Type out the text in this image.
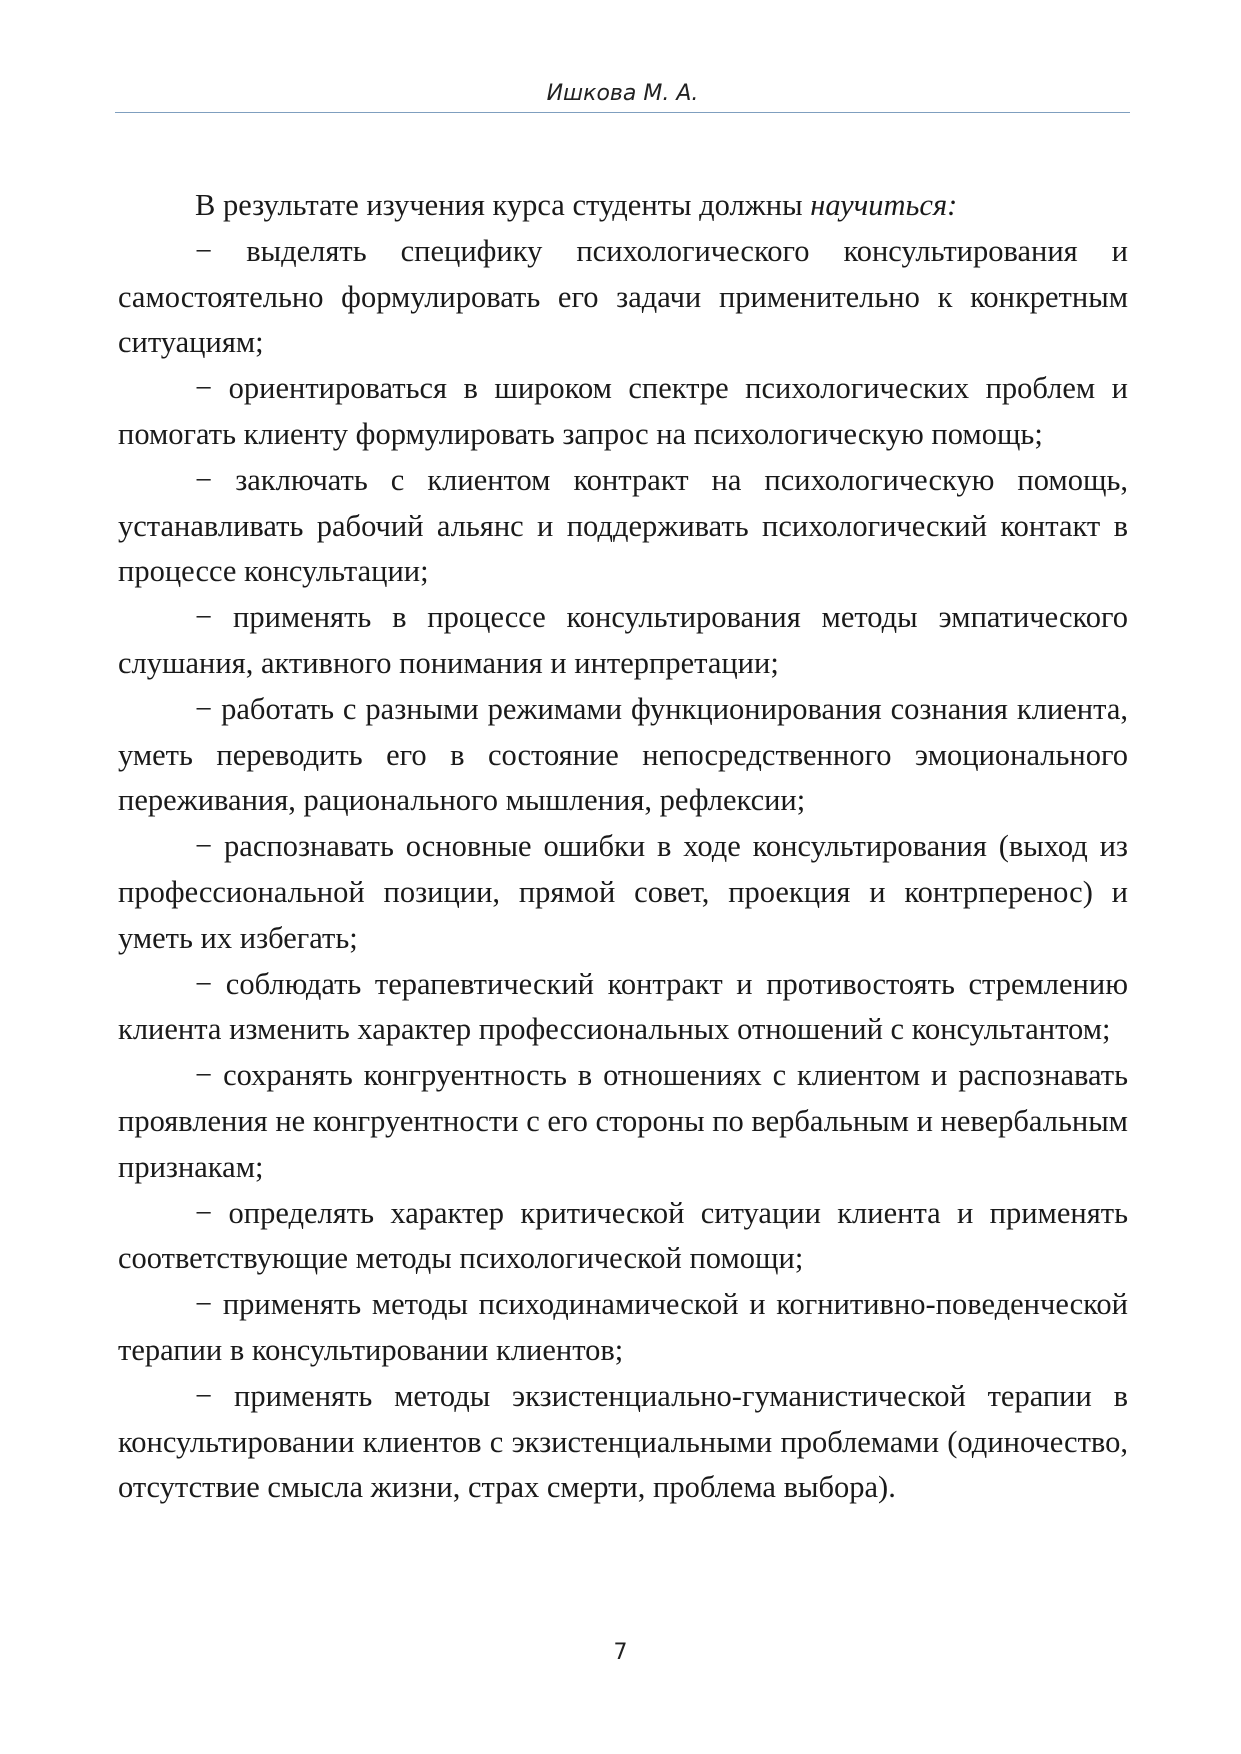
Ишкова М. А.

В результате изучения курса студенты должны научиться:

− выделять специфику психологического консультирования и самостоятельно формулировать его задачи применительно к конкретным ситуациям;

− ориентироваться в широком спектре психологических проблем и помогать клиенту формулировать запрос на психологическую помощь;

− заключать с клиентом контракт на психологическую помощь, устанавливать рабочий альянс и поддерживать психологический контакт в процессе консультации;

− применять в процессе консультирования методы эмпатического слушания, активного понимания и интерпретации;

− работать с разными режимами функционирования сознания клиента, уметь переводить его в состояние непосредственного эмоционального переживания, рационального мышления, рефлексии;

− распознавать основные ошибки в ходе консультирования (выход из профессиональной позиции, прямой совет, проекция и контрперенос) и уметь их избегать;

− соблюдать терапевтический контракт и противостоять стремлению клиента изменить характер профессиональных отношений с консультантом;

− сохранять конгруентность в отношениях с клиентом и распознавать проявления не конгруентности с его стороны по вербальным и невербальным признакам;

− определять характер критической ситуации клиента и применять соответствующие методы психологической помощи;

− применять методы психодинамической и когнитивно-поведенческой терапии в консультировании клиентов;

− применять методы экзистенциально-гуманистической терапии в консультировании клиентов с экзистенциальными проблемами (одиночество, отсутствие смысла жизни, страх смерти, проблема выбора).

7
